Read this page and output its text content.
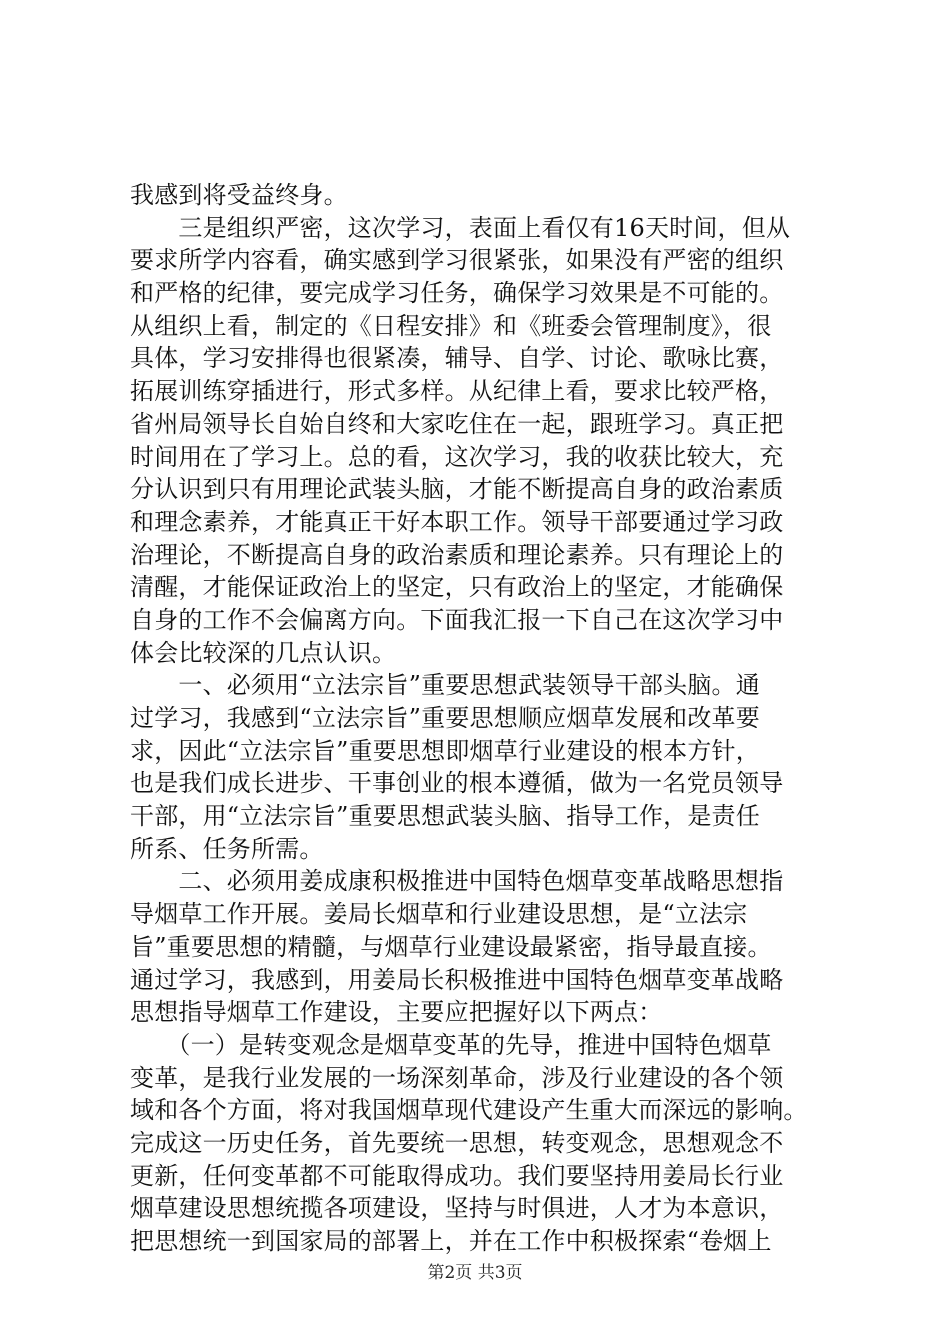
我感到将受益终身。
　　三是组织严密，这次学习，表面上看仅有16天时间，但从
要求所学内容看，确实感到学习很紧张，如果没有严密的组织
和严格的纪律，要完成学习任务，确保学习效果是不可能的。
从组织上看，制定的《日程安排》和《班委会管理制度》，很
具体，学习安排得也很紧凑，辅导、自学、讨论、歌咏比赛，
拓展训练穿插进行，形式多样。从纪律上看，要求比较严格，
省州局领导长自始自终和大家吃住在一起，跟班学习。真正把
时间用在了学习上。总的看，这次学习，我的收获比较大，充
分认识到只有用理论武装头脑，才能不断提高自身的政治素质
和理念素养，才能真正干好本职工作。领导干部要通过学习政
治理论，不断提高自身的政治素质和理论素养。只有理论上的
清醒，才能保证政治上的坚定，只有政治上的坚定，才能确保
自身的工作不会偏离方向。下面我汇报一下自己在这次学习中
体会比较深的几点认识。
　　一、必须用“立法宗旨”重要思想武装领导干部头脑。通
过学习，我感到“立法宗旨”重要思想顺应烟草发展和改革要
求，因此“立法宗旨”重要思想即烟草行业建设的根本方针，
也是我们成长进步、干事创业的根本遵循，做为一名党员领导
干部，用“立法宗旨”重要思想武装头脑、指导工作，是责任
所系、任务所需。
　　二、必须用姜成康积极推进中国特色烟草变革战略思想指
导烟草工作开展。姜局长烟草和行业建设思想，是“立法宗
旨”重要思想的精髓，与烟草行业建设最紧密，指导最直接。
通过学习，我感到，用姜局长积极推进中国特色烟草变革战略
思想指导烟草工作建设，主要应把握好以下两点：
　　（一）是转变观念是烟草变革的先导，推进中国特色烟草
变革，是我行业发展的一场深刻革命，涉及行业建设的各个领
域和各个方面，将对我国烟草现代建设产生重大而深远的影响。
完成这一历史任务，首先要统一思想，转变观念，思想观念不
更新，任何变革都不可能取得成功。我们要坚持用姜局长行业
烟草建设思想统揽各项建设，坚持与时俱进，人才为本意识，
把思想统一到国家局的部署上，并在工作中积极探索“卷烟上
第2页 共3页
